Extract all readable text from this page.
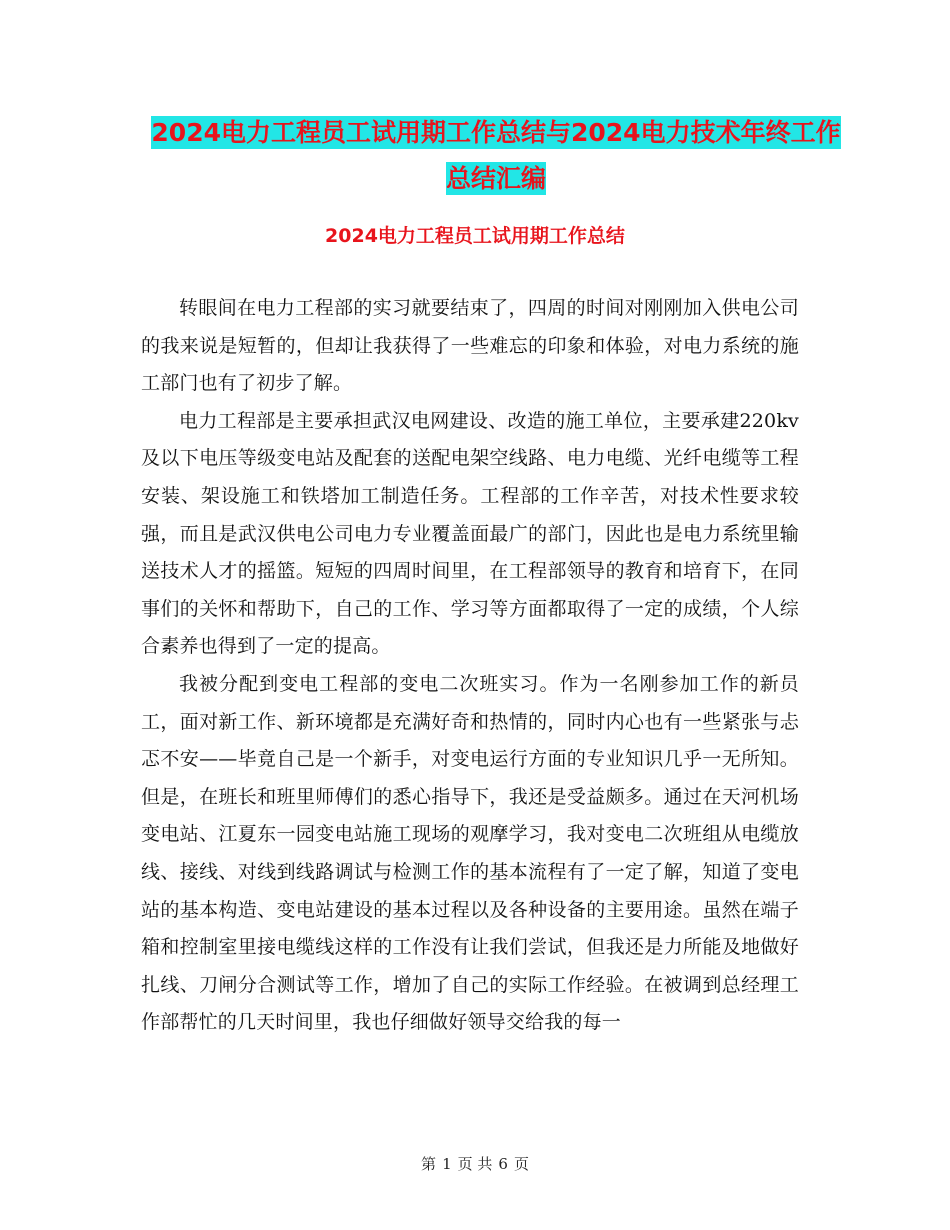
2024电力工程员工试用期工作总结与2024电力技术年终工作总结汇编
2024电力工程员工试用期工作总结

转眼间在电力工程部的实习就要结束了，四周的时间对刚刚加入供电公司的我来说是短暂的，但却让我获得了一些难忘的印象和体验，对电力系统的施工部门也有了初步了解。

电力工程部是主要承担武汉电网建设、改造的施工单位，主要承建220kv及以下电压等级变电站及配套的送配电架空线路、电力电缆、光纤电缆等工程安装、架设施工和铁塔加工制造任务。工程部的工作辛苦，对技术性要求较强，而且是武汉供电公司电力专业覆盖面最广的部门，因此也是电力系统里输送技术人才的摇篮。短短的四周时间里，在工程部领导的教育和培育下，在同事们的关怀和帮助下，自己的工作、学习等方面都取得了一定的成绩，个人综合素养也得到了一定的提高。

我被分配到变电工程部的变电二次班实习。作为一名刚参加工作的新员工，面对新工作、新环境都是充满好奇和热情的，同时内心也有一些紧张与忐忑不安——毕竟自己是一个新手，对变电运行方面的专业知识几乎一无所知。但是，在班长和班里师傅们的悉心指导下，我还是受益颇多。通过在天河机场变电站、江夏东一园变电站施工现场的观摩学习，我对变电二次班组从电缆放线、接线、对线到线路调试与检测工作的基本流程有了一定了解，知道了变电站的基本构造、变电站建设的基本过程以及各种设备的主要用途。虽然在端子箱和控制室里接电缆线这样的工作没有让我们尝试，但我还是力所能及地做好扎线、刀闸分合测试等工作，增加了自己的实际工作经验。在被调到总经理工作部帮忙的几天时间里，我也仔细做好领导交给我的每一

第 1 页 共 6 页
